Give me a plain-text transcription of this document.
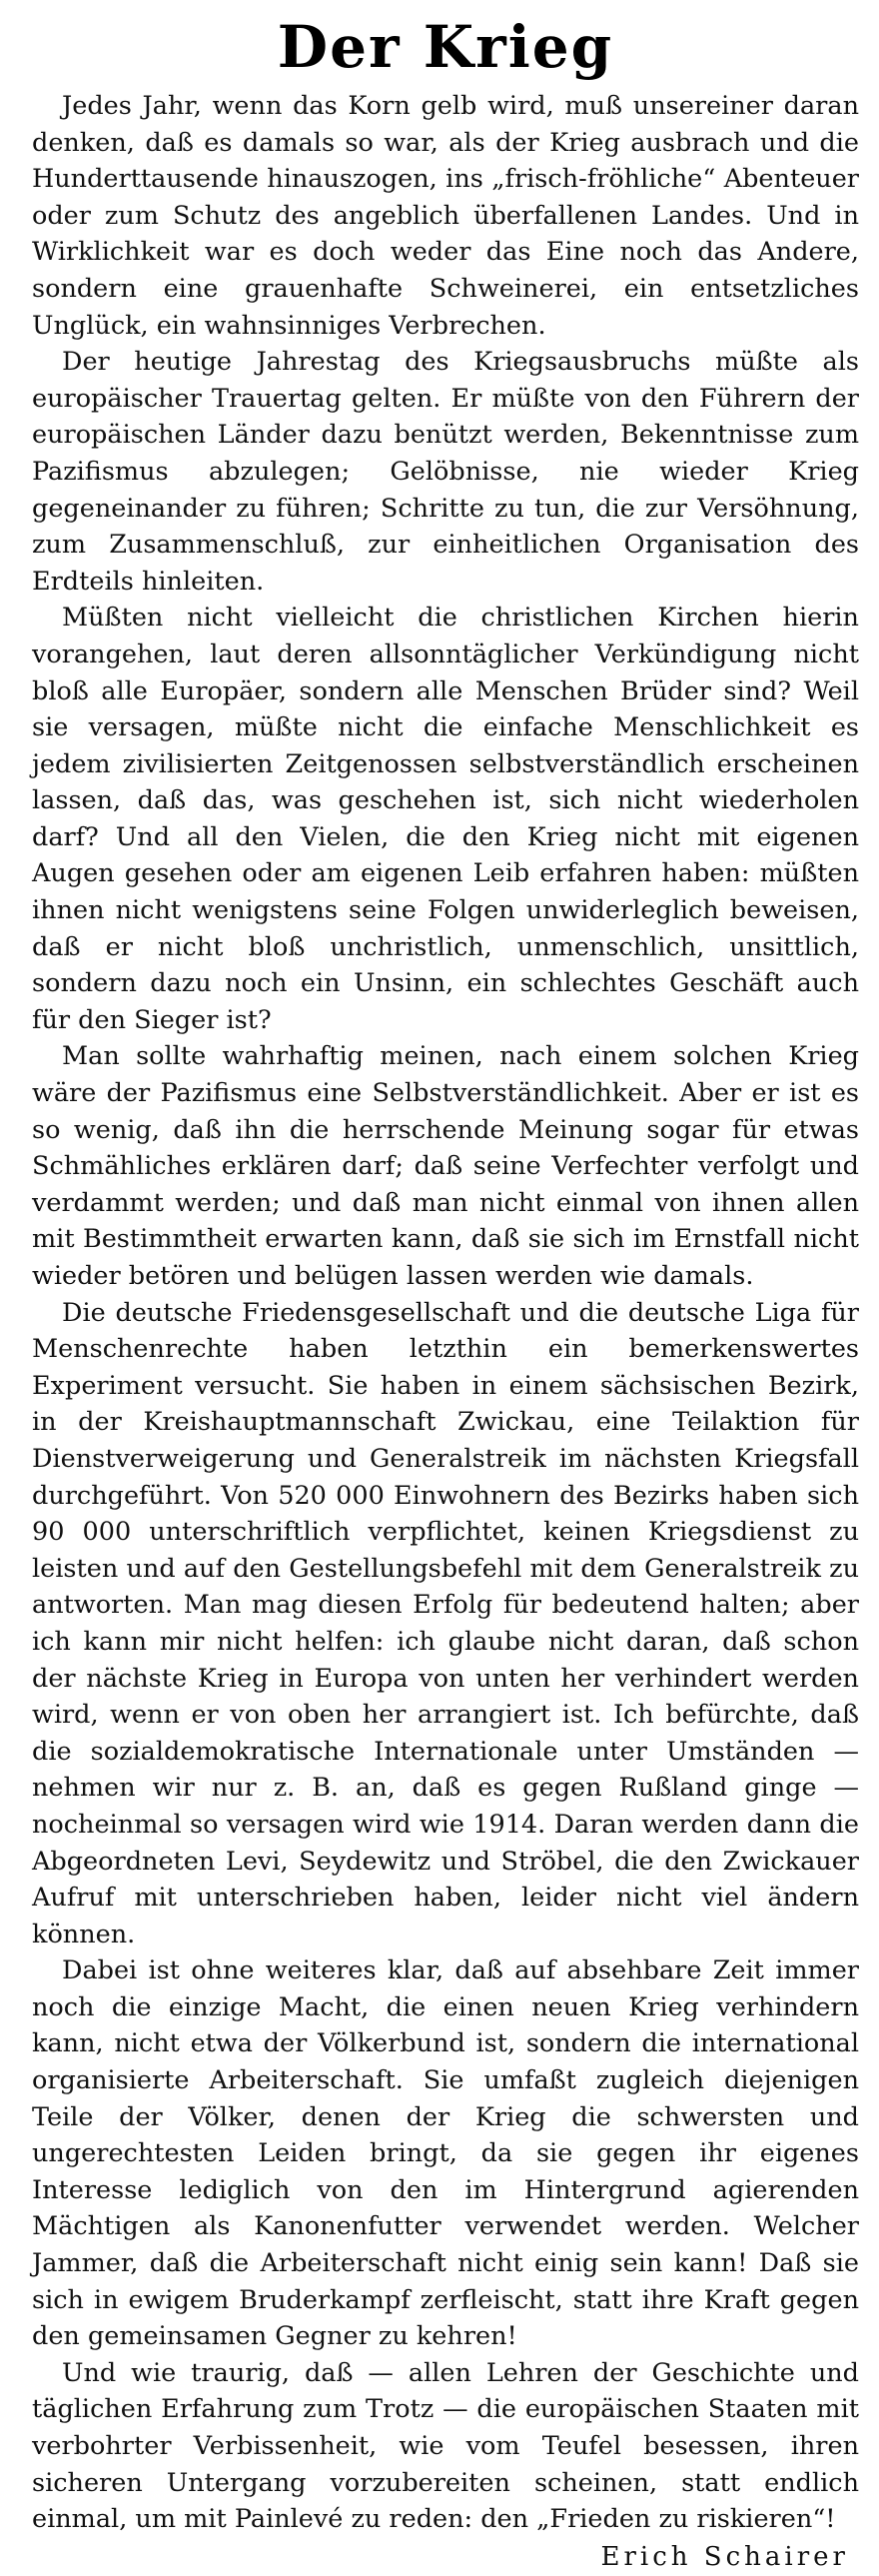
Der Krieg

Jedes Jahr, wenn das Korn gelb wird, muß unsereiner daran denken, daß es damals so war, als der Krieg ausbrach und die Hunderttausende hinauszogen, ins „frisch-fröhliche“ Abenteuer oder zum Schutz des angeblich überfallenen Landes. Und in Wirklichkeit war es doch weder das Eine noch das Andere, sondern eine grauenhafte Schweinerei, ein entsetzliches Unglück, ein wahnsinniges Verbrechen.

Der heutige Jahrestag des Kriegsausbruchs müßte als europäischer Trauertag gelten. Er müßte von den Führern der europäischen Länder dazu benützt werden, Bekenntnisse zum Pazifismus abzulegen; Gelöbnisse, nie wieder Krieg gegeneinander zu führen; Schritte zu tun, die zur Versöhnung, zum Zusammenschluß, zur einheitlichen Organisation des Erdteils hinleiten.

Müßten nicht vielleicht die christlichen Kirchen hierin vorangehen, laut deren allsonntäglicher Verkündigung nicht bloß alle Europäer, sondern alle Menschen Brüder sind? Weil sie versagen, müßte nicht die einfache Menschlichkeit es jedem zivilisierten Zeitgenossen selbstverständlich erscheinen lassen, daß das, was geschehen ist, sich nicht wiederholen darf? Und all den Vielen, die den Krieg nicht mit eigenen Augen gesehen oder am eigenen Leib erfahren haben: müßten ihnen nicht wenigstens seine Folgen unwiderleglich beweisen, daß er nicht bloß unchristlich, unmenschlich, unsittlich, sondern dazu noch ein Unsinn, ein schlechtes Geschäft auch für den Sieger ist?

Man sollte wahrhaftig meinen, nach einem solchen Krieg wäre der Pazifismus eine Selbstverständlichkeit. Aber er ist es so wenig, daß ihn die herrschende Meinung sogar für etwas Schmähliches erklären darf; daß seine Verfechter verfolgt und verdammt werden; und daß man nicht einmal von ihnen allen mit Bestimmtheit erwarten kann, daß sie sich im Ernstfall nicht wieder betören und belügen lassen werden wie damals.

Die deutsche Friedensgesellschaft und die deutsche Liga für Menschenrechte haben letzthin ein bemerkenswertes Experiment versucht. Sie haben in einem sächsischen Bezirk, in der Kreishauptmannschaft Zwickau, eine Teilaktion für Dienstverweigerung und Generalstreik im nächsten Kriegsfall durchgeführt. Von 520 000 Einwohnern des Bezirks haben sich 90 000 unterschriftlich verpflichtet, keinen Kriegsdienst zu leisten und auf den Gestellungsbefehl mit dem Generalstreik zu antworten. Man mag diesen Erfolg für bedeutend halten; aber ich kann mir nicht helfen: ich glaube nicht daran, daß schon der nächste Krieg in Europa von unten her verhindert werden wird, wenn er von oben her arrangiert ist. Ich befürchte, daß die sozialdemokratische Internationale unter Umständen — nehmen wir nur z. B. an, daß es gegen Rußland ginge — nocheinmal so versagen wird wie 1914. Daran werden dann die Abgeordneten Levi, Seydewitz und Ströbel, die den Zwickauer Aufruf mit unterschrieben haben, leider nicht viel ändern können.

Dabei ist ohne weiteres klar, daß auf absehbare Zeit immer noch die einzige Macht, die einen neuen Krieg verhindern kann, nicht etwa der Völkerbund ist, sondern die international organisierte Arbeiterschaft. Sie umfaßt zugleich diejenigen Teile der Völker, denen der Krieg die schwersten und ungerechtesten Leiden bringt, da sie gegen ihr eigenes Interesse lediglich von den im Hintergrund agierenden Mächtigen als Kanonenfutter verwendet werden. Welcher Jammer, daß die Arbeiterschaft nicht einig sein kann! Daß sie sich in ewigem Bruderkampf zerfleischt, statt ihre Kraft gegen den gemeinsamen Gegner zu kehren!

Und wie traurig, daß — allen Lehren der Geschichte und täglichen Erfahrung zum Trotz — die europäischen Staaten mit verbohrter Verbissenheit, wie vom Teufel besessen, ihren sicheren Untergang vorzubereiten scheinen, statt endlich einmal, um mit Painlevé zu reden: den „Frieden zu riskieren“!

Erich Schairer
